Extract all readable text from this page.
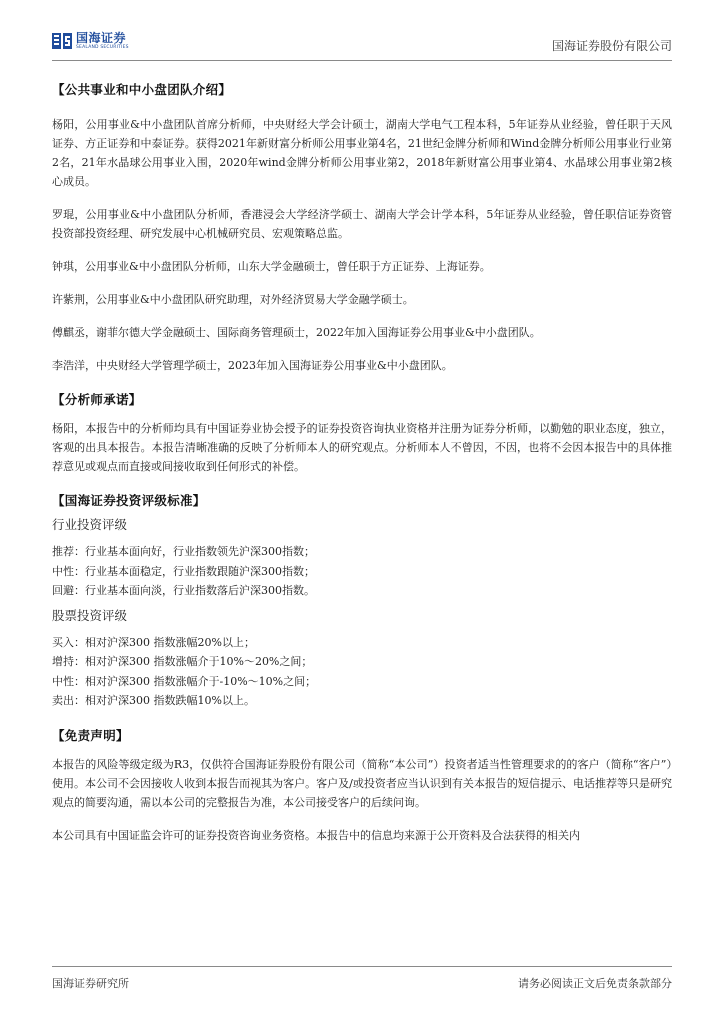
国海证券
SEALAND SECURITIES	国海证券股份有限公司
【公共事业和中小盘团队介绍】

杨阳，公用事业&中小盘团队首席分析师，中央财经大学会计硕士，湖南大学电气工程本科，5年证券从业经验，曾任职于天风证券、方正证券和中泰证券。获得2021年新财富分析师公用事业第4名，21世纪金牌分析师和Wind金牌分析师公用事业行业第2名，21年水晶球公用事业入围，2020年wind金牌分析师公用事业第2，2018年新财富公用事业第4、水晶球公用事业第2核心成员。

罗琨，公用事业&中小盘团队分析师，香港浸会大学经济学硕士、湖南大学会计学本科，5年证券从业经验，曾任职信证券资管投资部投资经理、研究发展中心机械研究员、宏观策略总监。

钟琪，公用事业&中小盘团队分析师，山东大学金融硕士，曾任职于方正证券、上海证券。

许紫荆，公用事业&中小盘团队研究助理，对外经济贸易大学金融学硕士。

傅麒丞，谢菲尔德大学金融硕士、国际商务管理硕士，2022年加入国海证券公用事业&中小盘团队。

李浩洋，中央财经大学管理学硕士，2023年加入国海证券公用事业&中小盘团队。

【分析师承诺】

杨阳，本报告中的分析师均具有中国证券业协会授予的证券投资咨询执业资格并注册为证券分析师，以勤勉的职业态度，独立，客观的出具本报告。本报告清晰准确的反映了分析师本人的研究观点。分析师本人不曾因，不因，也将不会因本报告中的具体推荐意见或观点而直接或间接收取到任何形式的补偿。

【国海证券投资评级标准】
行业投资评级
推荐：行业基本面向好，行业指数领先沪深300指数；
中性：行业基本面稳定，行业指数跟随沪深300指数；
回避：行业基本面向淡，行业指数落后沪深300指数。
股票投资评级
买入：相对沪深300 指数涨幅20%以上；
增持：相对沪深300 指数涨幅介于10%～20%之间；
中性：相对沪深300 指数涨幅介于-10%～10%之间；
卖出：相对沪深300 指数跌幅10%以上。
【免责声明】

本报告的风险等级定级为R3，仅供符合国海证券股份有限公司（简称“本公司”）投资者适当性管理要求的的客户（简称“客户”）使用。本公司不会因接收人收到本报告而视其为客户。客户及/或投资者应当认识到有关本报告的短信提示、电话推荐等只是研究观点的简要沟通，需以本公司的完整报告为准，本公司接受客户的后续问询。

本公司具有中国证监会许可的证券投资咨询业务资格。本报告中的信息均来源于公开资料及合法获得的相关内

国海证券研究所	请务必阅读正文后免责条款部分
